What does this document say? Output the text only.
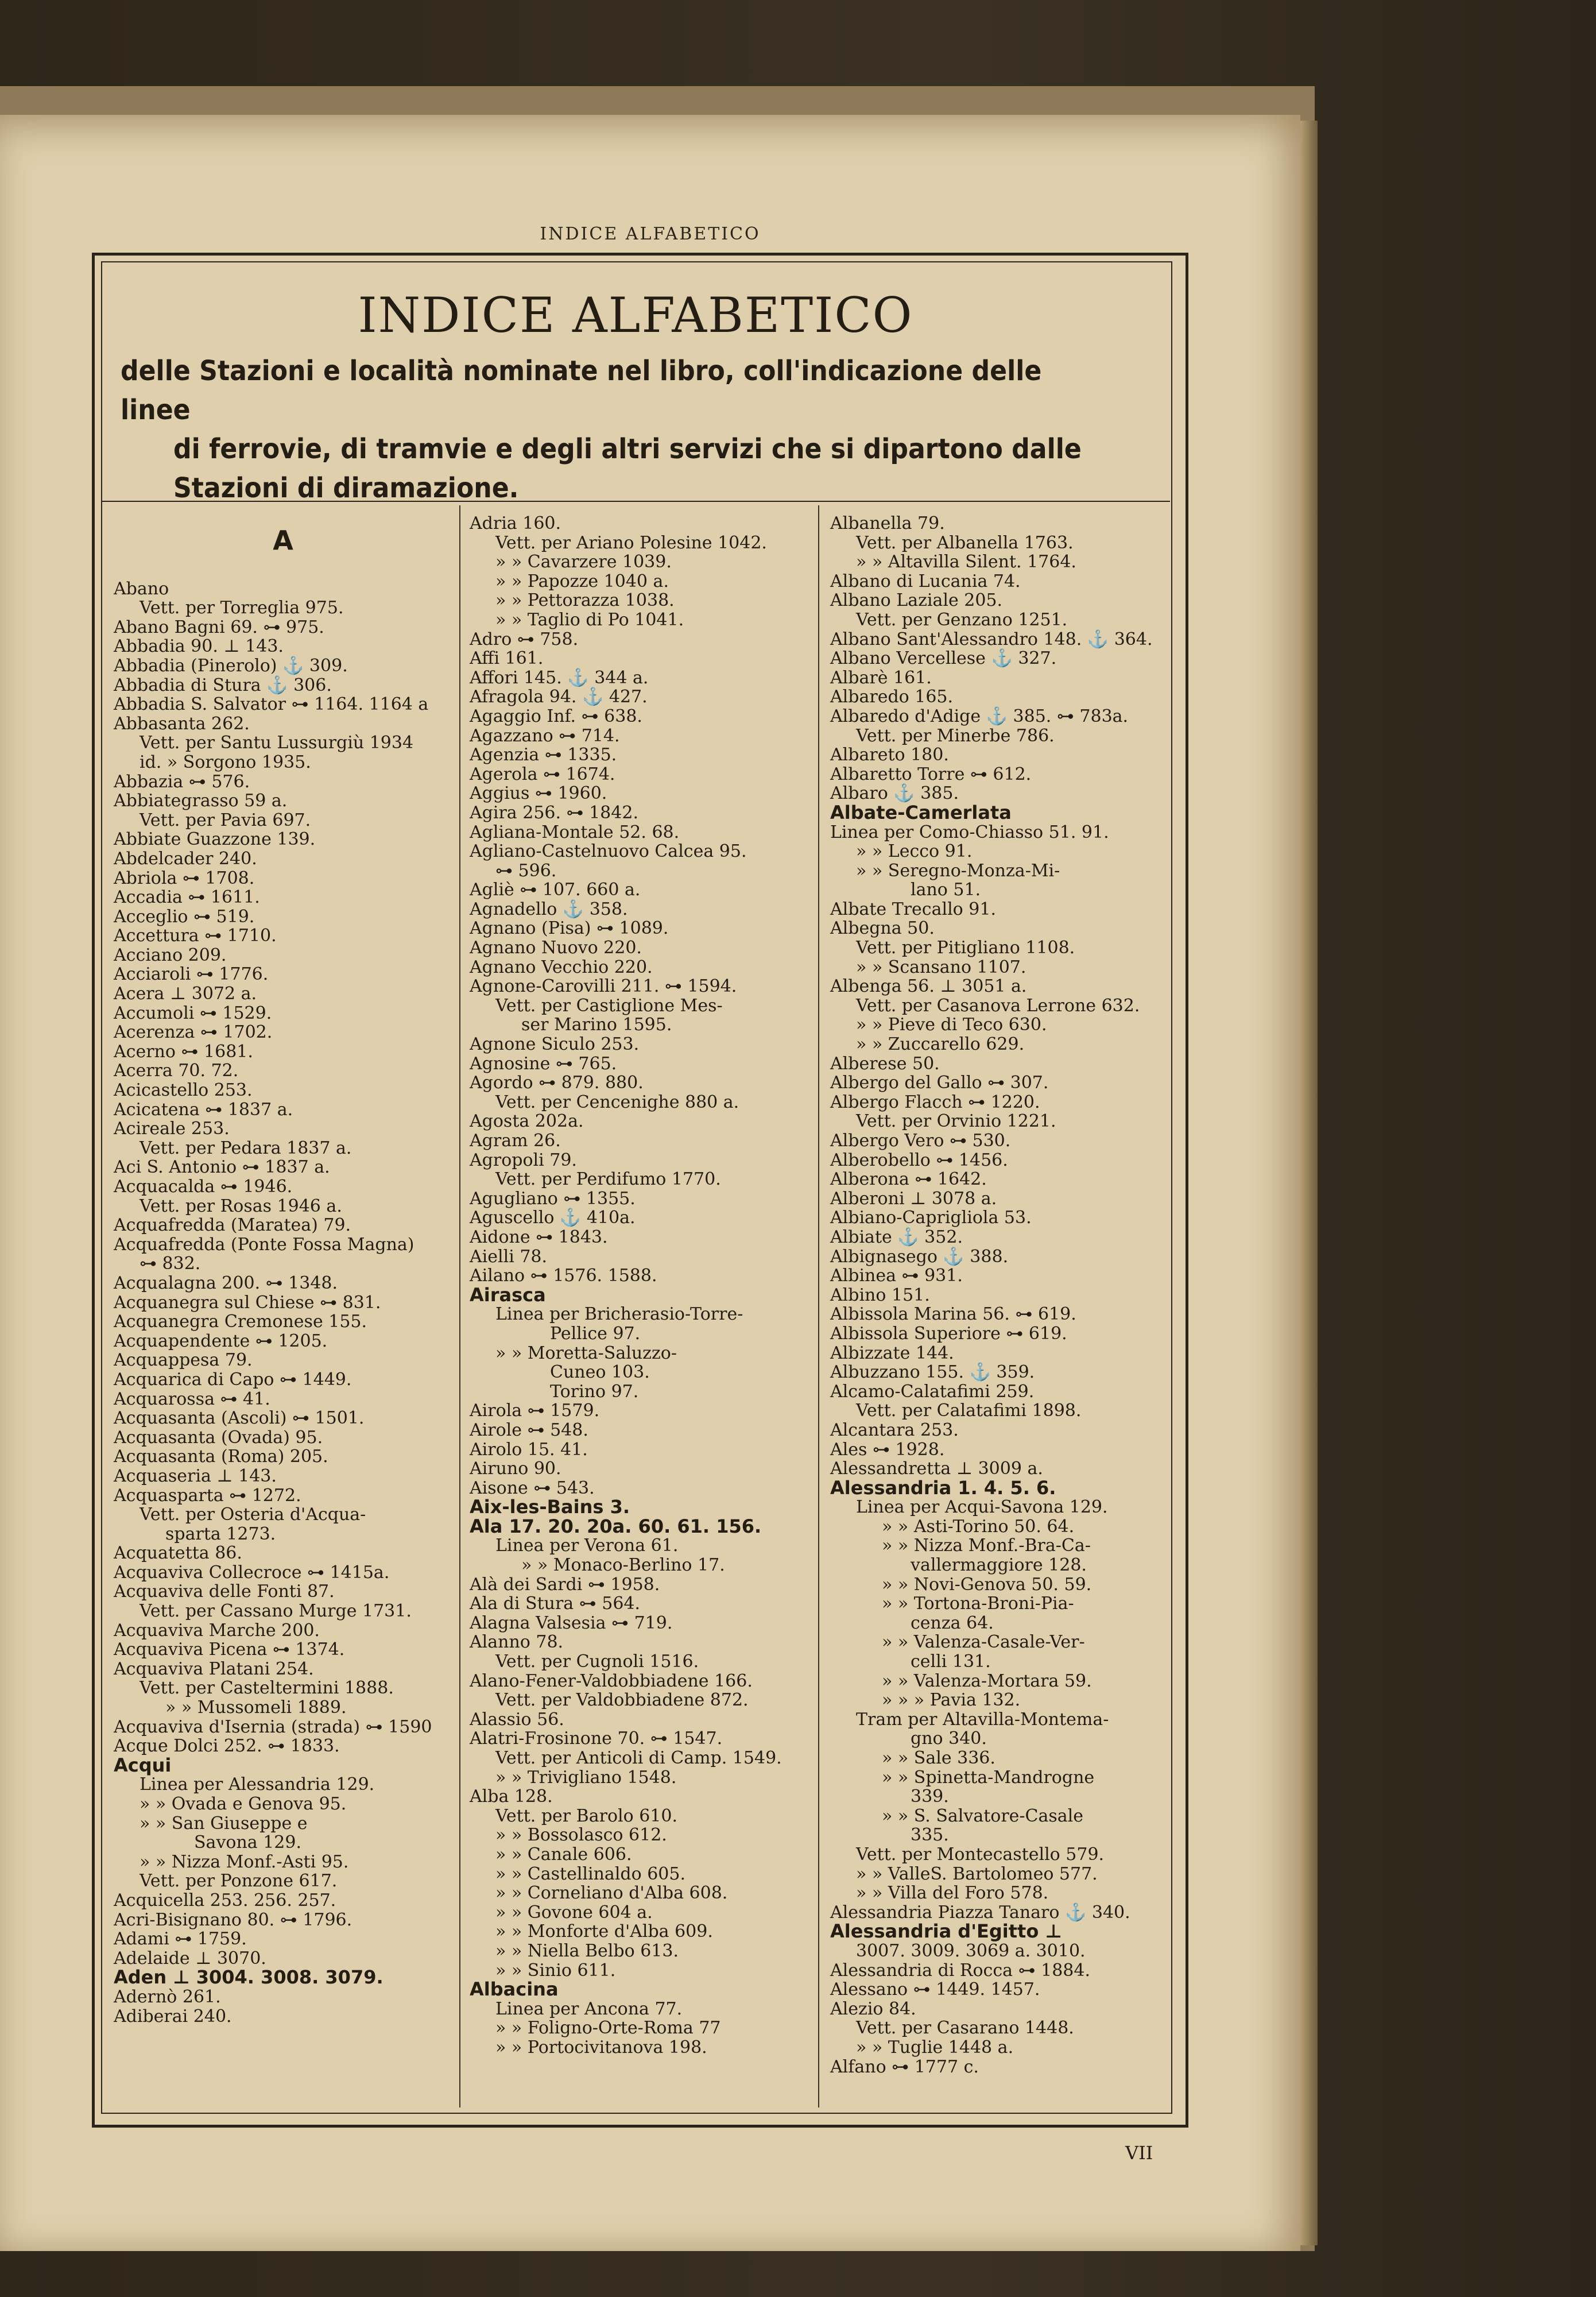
INDICE ALFABETICO
INDICE ALFABETICO
delle Stazioni e località nominate nel libro, coll'indicazione delle linee
di ferrovie, di tramvie e degli altri servizi che si dipartono dalle
Stazioni di diramazione.
A
Abano
Vett. per Torreglia 975.
Abano Bagni 69. ⊶ 975.
Abbadia 90. ⊥ 143.
Abbadia (Pinerolo) ⚓ 309.
Abbadia di Stura ⚓ 306.
Abbadia S. Salvator ⊶ 1164. 1164 a
Abbasanta 262.
Vett. per Santu Lussurgiù 1934
id. » Sorgono 1935.
Abbazia ⊶ 576.
Abbiategrasso 59 a.
Vett. per Pavia 697.
Abbiate Guazzone 139.
Abdelcader 240.
Abriola ⊶ 1708.
Accadia ⊶ 1611.
Acceglio ⊶ 519.
Accettura ⊶ 1710.
Acciano 209.
Acciaroli ⊶ 1776.
Acera ⊥ 3072 a.
Accumoli ⊶ 1529.
Acerenza ⊶ 1702.
Acerno ⊶ 1681.
Acerra 70. 72.
Acicastello 253.
Acicatena ⊶ 1837 a.
Acireale 253.
Vett. per Pedara 1837 a.
Aci S. Antonio ⊶ 1837 a.
Acquacalda ⊶ 1946.
Vett. per Rosas 1946 a.
Acquafredda (Maratea) 79.
Acquafredda (Ponte Fossa Magna)
⊶ 832.
Acqualagna 200. ⊶ 1348.
Acquanegra sul Chiese ⊶ 831.
Acquanegra Cremonese 155.
Acquapendente ⊶ 1205.
Acquappesa 79.
Acquarica di Capo ⊶ 1449.
Acquarossa ⊶ 41.
Acquasanta (Ascoli) ⊶ 1501.
Acquasanta (Ovada) 95.
Acquasanta (Roma) 205.
Acquaseria ⊥ 143.
Acquasparta ⊶ 1272.
Vett. per Osteria d'Acqua-
sparta 1273.
Acquatetta 86.
Acquaviva Collecroce ⊶ 1415a.
Acquaviva delle Fonti 87.
Vett. per Cassano Murge 1731.
Acquaviva Marche 200.
Acquaviva Picena ⊶ 1374.
Acquaviva Platani 254.
Vett. per Casteltermini 1888.
» » Mussomeli 1889.
Acquaviva d'Isernia (strada) ⊶ 1590
Acque Dolci 252. ⊶ 1833.
Acqui
Linea per Alessandria 129.
» » Ovada e Genova 95.
» » San Giuseppe e
Savona 129.
» » Nizza Monf.-Asti 95.
Vett. per Ponzone 617.
Acquicella 253. 256. 257.
Acri-Bisignano 80. ⊶ 1796.
Adami ⊶ 1759.
Adelaide ⊥ 3070.
Aden ⊥ 3004. 3008. 3079.
Adernò 261.
Adiberai 240.
Adria 160.
Vett. per Ariano Polesine 1042.
» » Cavarzere 1039.
» » Papozze 1040 a.
» » Pettorazza 1038.
» » Taglio di Po 1041.
Adro ⊶ 758.
Affi 161.
Affori 145. ⚓ 344 a.
Afragola 94. ⚓ 427.
Agaggio Inf. ⊶ 638.
Agazzano ⊶ 714.
Agenzia ⊶ 1335.
Agerola ⊶ 1674.
Aggius ⊶ 1960.
Agira 256. ⊶ 1842.
Agliana-Montale 52. 68.
Agliano-Castelnuovo Calcea 95.
⊶ 596.
Agliè ⊶ 107. 660 a.
Agnadello ⚓ 358.
Agnano (Pisa) ⊶ 1089.
Agnano Nuovo 220.
Agnano Vecchio 220.
Agnone-Carovilli 211. ⊶ 1594.
Vett. per Castiglione Mes-
ser Marino 1595.
Agnone Siculo 253.
Agnosine ⊶ 765.
Agordo ⊶ 879. 880.
Vett. per Cencenighe 880 a.
Agosta 202a.
Agram 26.
Agropoli 79.
Vett. per Perdifumo 1770.
Agugliano ⊶ 1355.
Aguscello ⚓ 410a.
Aidone ⊶ 1843.
Aielli 78.
Ailano ⊶ 1576. 1588.
Airasca
Linea per Bricherasio-Torre-
Pellice 97.
» » Moretta-Saluzzo-
Cuneo 103.
Torino 97.
Airola ⊶ 1579.
Airole ⊶ 548.
Airolo 15. 41.
Airuno 90.
Aisone ⊶ 543.
Aix-les-Bains 3.
Ala 17. 20. 20a. 60. 61. 156.
Linea per Verona 61.
» » Monaco-Berlino 17.
Alà dei Sardi ⊶ 1958.
Ala di Stura ⊶ 564.
Alagna Valsesia ⊶ 719.
Alanno 78.
Vett. per Cugnoli 1516.
Alano-Fener-Valdobbiadene 166.
Vett. per Valdobbiadene 872.
Alassio 56.
Alatri-Frosinone 70. ⊶ 1547.
Vett. per Anticoli di Camp. 1549.
» » Trivigliano 1548.
Alba 128.
Vett. per Barolo 610.
» » Bossolasco 612.
» » Canale 606.
» » Castellinaldo 605.
» » Corneliano d'Alba 608.
» » Govone 604 a.
» » Monforte d'Alba 609.
» » Niella Belbo 613.
» » Sinio 611.
Albacina
Linea per Ancona 77.
» » Foligno-Orte-Roma 77
» » Portocivitanova 198.
Albanella 79.
Vett. per Albanella 1763.
» » Altavilla Silent. 1764.
Albano di Lucania 74.
Albano Laziale 205.
Vett. per Genzano 1251.
Albano Sant'Alessandro 148. ⚓ 364.
Albano Vercellese ⚓ 327.
Albarè 161.
Albaredo 165.
Albaredo d'Adige ⚓ 385. ⊶ 783a.
Vett. per Minerbe 786.
Albareto 180.
Albaretto Torre ⊶ 612.
Albaro ⚓ 385.
Albate-Camerlata
Linea per Como-Chiasso 51. 91.
» » Lecco 91.
» » Seregno-Monza-Mi-
lano 51.
Albate Trecallo 91.
Albegna 50.
Vett. per Pitigliano 1108.
» » Scansano 1107.
Albenga 56. ⊥ 3051 a.
Vett. per Casanova Lerrone 632.
» » Pieve di Teco 630.
» » Zuccarello 629.
Alberese 50.
Albergo del Gallo ⊶ 307.
Albergo Flacch ⊶ 1220.
Vett. per Orvinio 1221.
Albergo Vero ⊶ 530.
Alberobello ⊶ 1456.
Alberona ⊶ 1642.
Alberoni ⊥ 3078 a.
Albiano-Caprigliola 53.
Albiate ⚓ 352.
Albignasego ⚓ 388.
Albinea ⊶ 931.
Albino 151.
Albissola Marina 56. ⊶ 619.
Albissola Superiore ⊶ 619.
Albizzate 144.
Albuzzano 155. ⚓ 359.
Alcamo-Calatafimi 259.
Vett. per Calatafimi 1898.
Alcantara 253.
Ales ⊶ 1928.
Alessandretta ⊥ 3009 a.
Alessandria 1. 4. 5. 6.
Linea per Acqui-Savona 129.
» » Asti-Torino 50. 64.
» » Nizza Monf.-Bra-Ca-
vallermaggiore 128.
» » Novi-Genova 50. 59.
» » Tortona-Broni-Pia-
cenza 64.
» » Valenza-Casale-Ver-
celli 131.
» » Valenza-Mortara 59.
» » » Pavia 132.
Tram per Altavilla-Montema-
gno 340.
» » Sale 336.
» » Spinetta-Mandrogne
339.
» » S. Salvatore-Casale
335.
Vett. per Montecastello 579.
» » ValleS. Bartolomeo 577.
» » Villa del Foro 578.
Alessandria Piazza Tanaro ⚓ 340.
Alessandria d'Egitto ⊥
3007. 3009. 3069 a. 3010.
Alessandria di Rocca ⊶ 1884.
Alessano ⊶ 1449. 1457.
Alezio 84.
Vett. per Casarano 1448.
» » Tuglie 1448 a.
Alfano ⊶ 1777 c.
VII
